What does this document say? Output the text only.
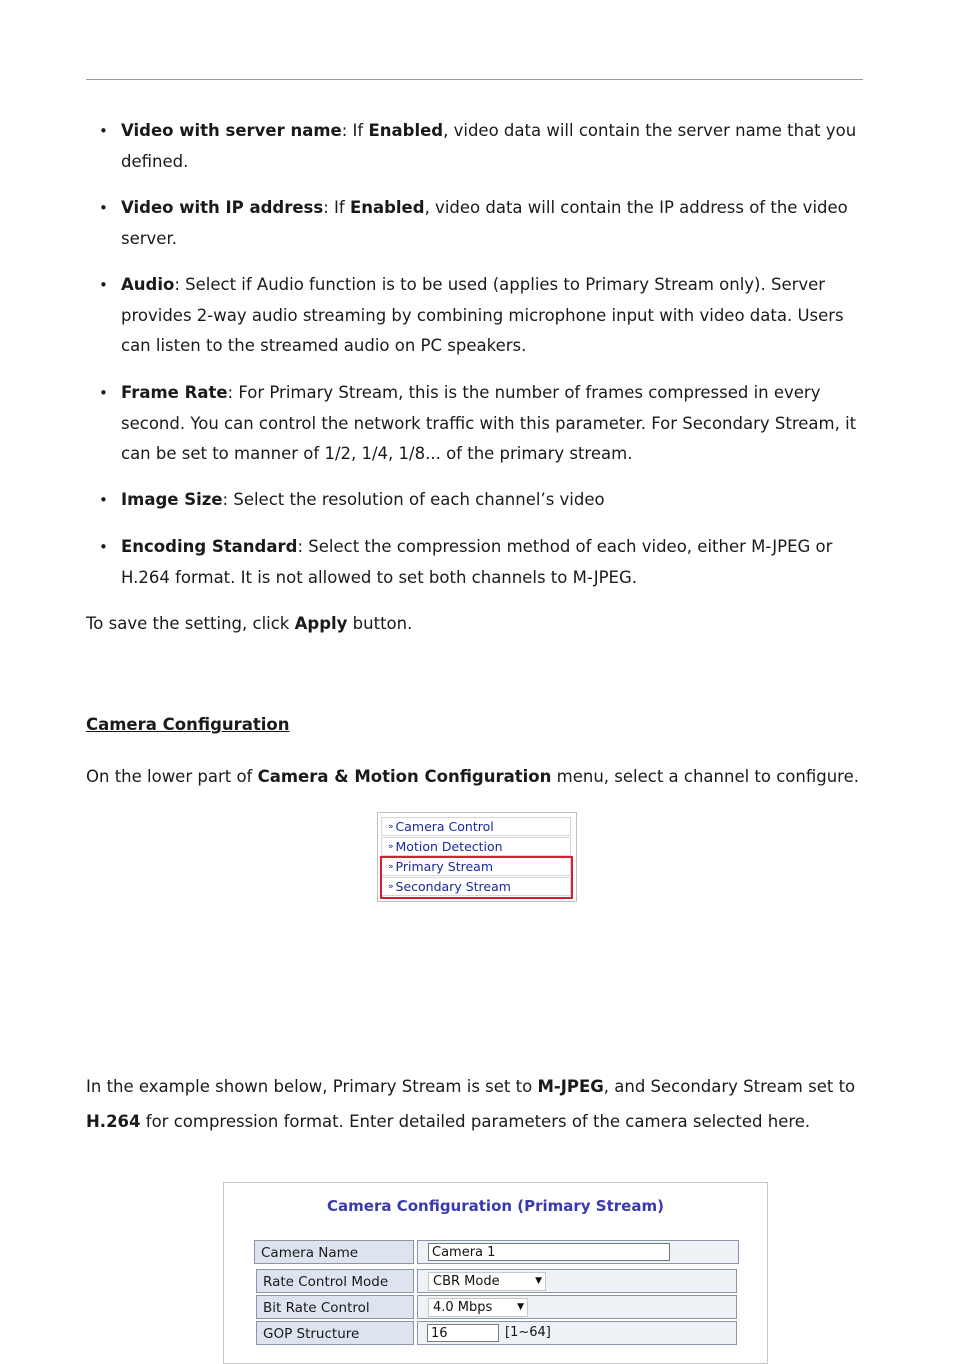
• Video with server name: If Enabled, video data will contain the server name that you defined.
• Video with IP address: If Enabled, video data will contain the IP address of the video server.
• Audio: Select if Audio function is to be used (applies to Primary Stream only). Server provides 2-way audio streaming by combining microphone input with video data. Users can listen to the streamed audio on PC speakers.
• Frame Rate: For Primary Stream, this is the number of frames compressed in every second. You can control the network traffic with this parameter. For Secondary Stream, it can be set to manner of 1/2, 1/4, 1/8... of the primary stream.
• Image Size: Select the resolution of each channel’s video
• Encoding Standard: Select the compression method of each video, either M-JPEG or H.264 format. It is not allowed to set both channels to M-JPEG.

To save the setting, click Apply button.

Camera Configuration

On the lower part of Camera & Motion Configuration menu, select a channel to configure.

» Camera Control
» Motion Detection
» Primary Stream
» Secondary Stream

In the example shown below, Primary Stream is set to M-JPEG, and Secondary Stream set to H.264 for compression format. Enter detailed parameters of the camera selected here.

Camera Configuration (Primary Stream)
Camera Name	Camera 1
Rate Control Mode	CBR Mode	▼
Bit Rate Control	4.0 Mbps	▼
GOP Structure	16	[1~64]
